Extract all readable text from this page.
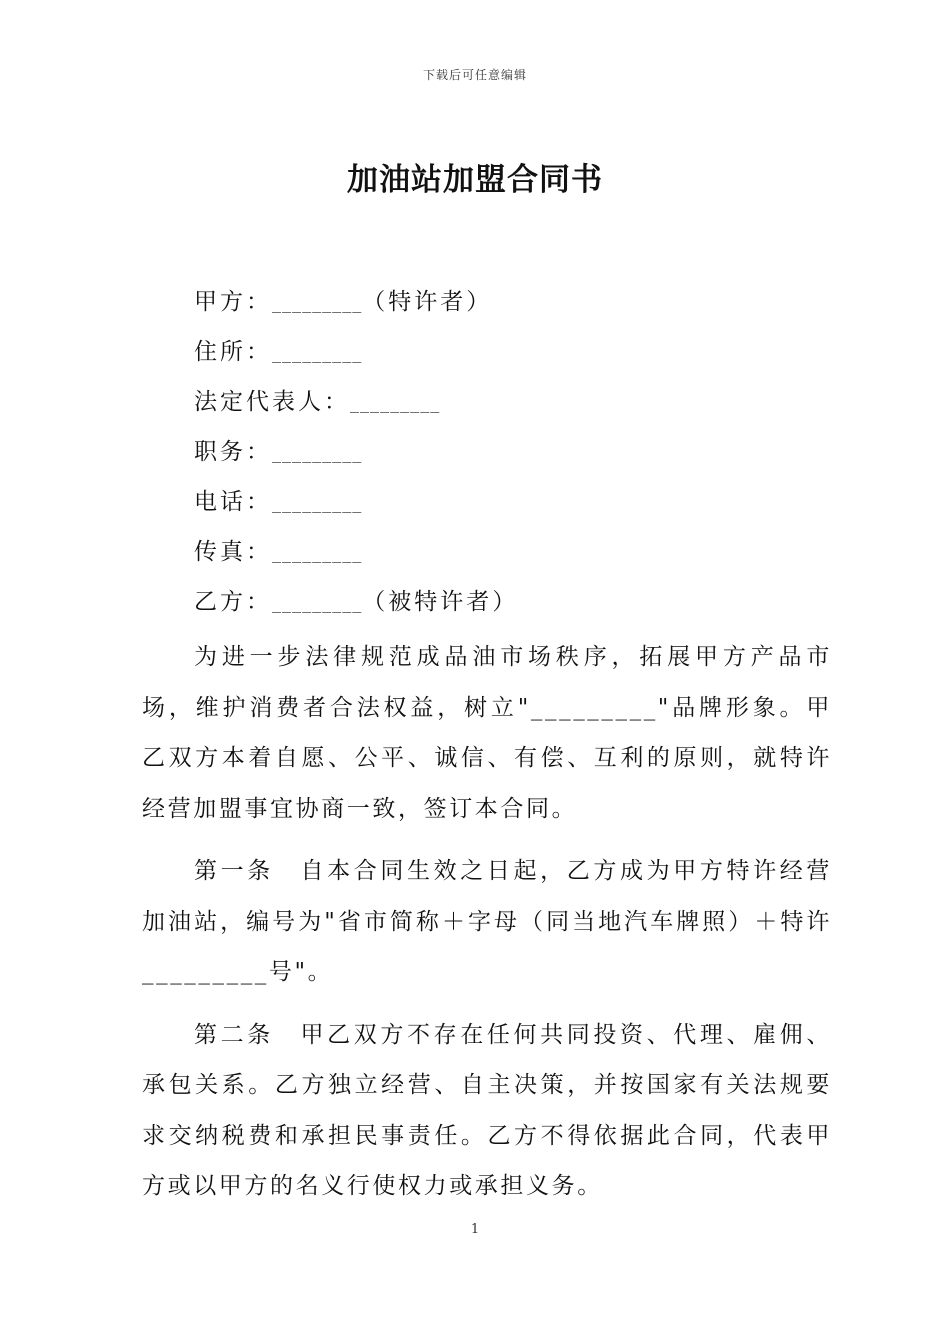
下载后可任意编辑
加油站加盟合同书
甲方：_________（特许者）
住所：_________
法定代表人：_________
职务：_________
电话：_________
传真：_________
乙方：_________（被特许者）

为进一步法律规范成品油市场秩序，拓展甲方产品市场，维护消费者合法权益，树立"_________"品牌形象。甲乙双方本着自愿、公平、诚信、有偿、互利的原则，就特许经营加盟事宜协商一致，签订本合同。

第一条　自本合同生效之日起，乙方成为甲方特许经营加油站，编号为"省市简称＋字母（同当地汽车牌照）＋特许_________号"。

第二条　甲乙双方不存在任何共同投资、代理、雇佣、承包关系。乙方独立经营、自主决策，并按国家有关法规要求交纳税费和承担民事责任。乙方不得依据此合同，代表甲方或以甲方的名义行使权力或承担义务。

1
